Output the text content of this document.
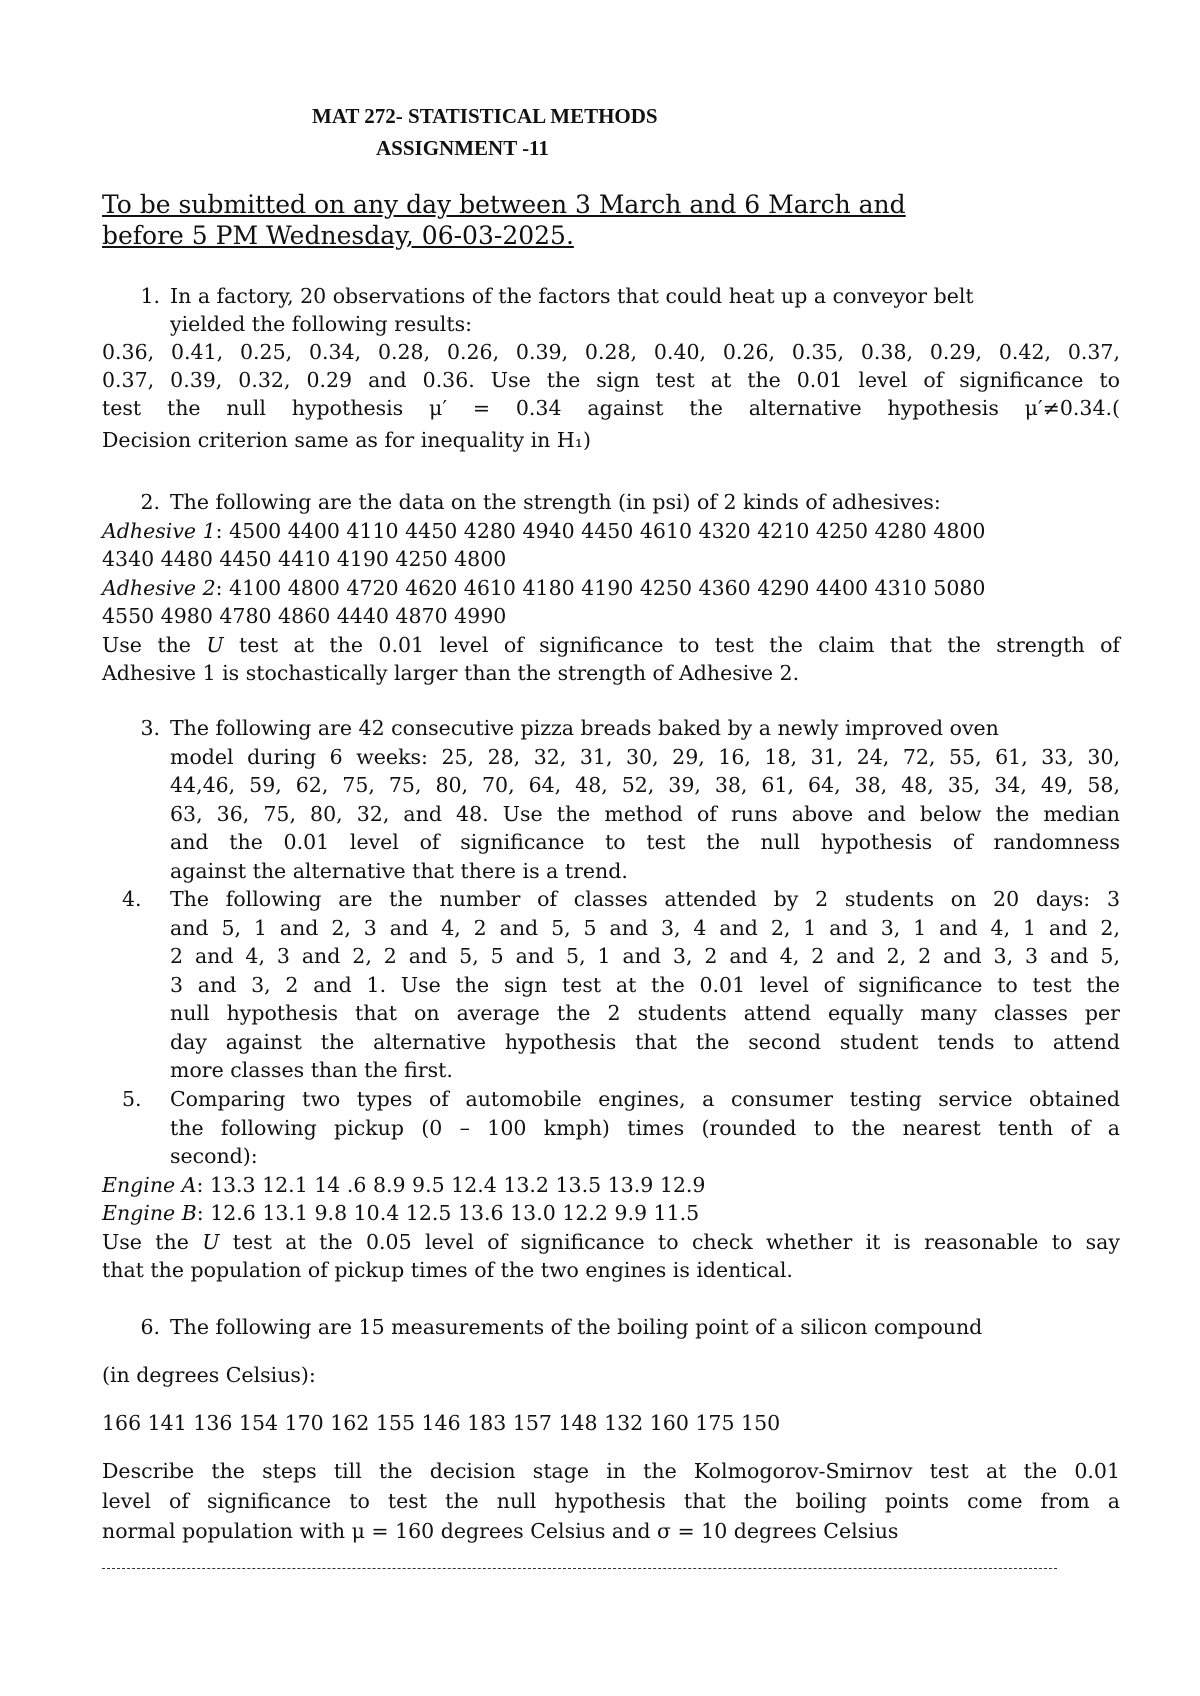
MAT 272- STATISTICAL METHODS
ASSIGNMENT -11
To be submitted on any day between 3 March and 6 March and
before 5 PM Wednesday, 06-03-2025.
1. In a factory, 20 observations of the factors that could heat up a conveyor belt
yielded the following results:
0.36, 0.41, 0.25, 0.34, 0.28, 0.26, 0.39, 0.28, 0.40, 0.26, 0.35, 0.38, 0.29, 0.42, 0.37,
0.37, 0.39, 0.32, 0.29 and 0.36. Use the sign test at the 0.01 level of significance to
test the null hypothesis μ′ = 0.34 against the alternative hypothesis μ′≠0.34.(
Decision criterion same as for inequality in H₁)
2. The following are the data on the strength (in psi) of 2 kinds of adhesives:
Adhesive 1: 4500 4400 4110 4450 4280 4940 4450 4610 4320 4210 4250 4280 4800
4340 4480 4450 4410 4190 4250 4800
Adhesive 2: 4100 4800 4720 4620 4610 4180 4190 4250 4360 4290 4400 4310 5080
4550 4980 4780 4860 4440 4870 4990
Use the U test at the 0.01 level of significance to test the claim that the strength of
Adhesive 1 is stochastically larger than the strength of Adhesive 2.
3. The following are 42 consecutive pizza breads baked by a newly improved oven
model during 6 weeks: 25, 28, 32, 31, 30, 29, 16, 18, 31, 24, 72, 55, 61, 33, 30,
44,46, 59, 62, 75, 75, 80, 70, 64, 48, 52, 39, 38, 61, 64, 38, 48, 35, 34, 49, 58,
63, 36, 75, 80, 32, and 48. Use the method of runs above and below the median
and the 0.01 level of significance to test the null hypothesis of randomness
against the alternative that there is a trend.
4. The following are the number of classes attended by 2 students on 20 days: 3
and 5, 1 and 2, 3 and 4, 2 and 5, 5 and 3, 4 and 2, 1 and 3, 1 and 4, 1 and 2,
2 and 4, 3 and 2, 2 and 5, 5 and 5, 1 and 3, 2 and 4, 2 and 2, 2 and 3, 3 and 5,
3 and 3, 2 and 1. Use the sign test at the 0.01 level of significance to test the
null hypothesis that on average the 2 students attend equally many classes per
day against the alternative hypothesis that the second student tends to attend
more classes than the first.
5. Comparing two types of automobile engines, a consumer testing service obtained
the following pickup (0 – 100 kmph) times (rounded to the nearest tenth of a
second):
Engine A: 13.3 12.1 14 .6 8.9 9.5 12.4 13.2 13.5 13.9 12.9
Engine B: 12.6 13.1 9.8 10.4 12.5 13.6 13.0 12.2 9.9 11.5
Use the U test at the 0.05 level of significance to check whether it is reasonable to say
that the population of pickup times of the two engines is identical.
6. The following are 15 measurements of the boiling point of a silicon compound
(in degrees Celsius):
166 141 136 154 170 162 155 146 183 157 148 132 160 175 150
Describe the steps till the decision stage in the Kolmogorov-Smirnov test at the 0.01
level of significance to test the null hypothesis that the boiling points come from a
normal population with μ = 160 degrees Celsius and σ = 10 degrees Celsius
